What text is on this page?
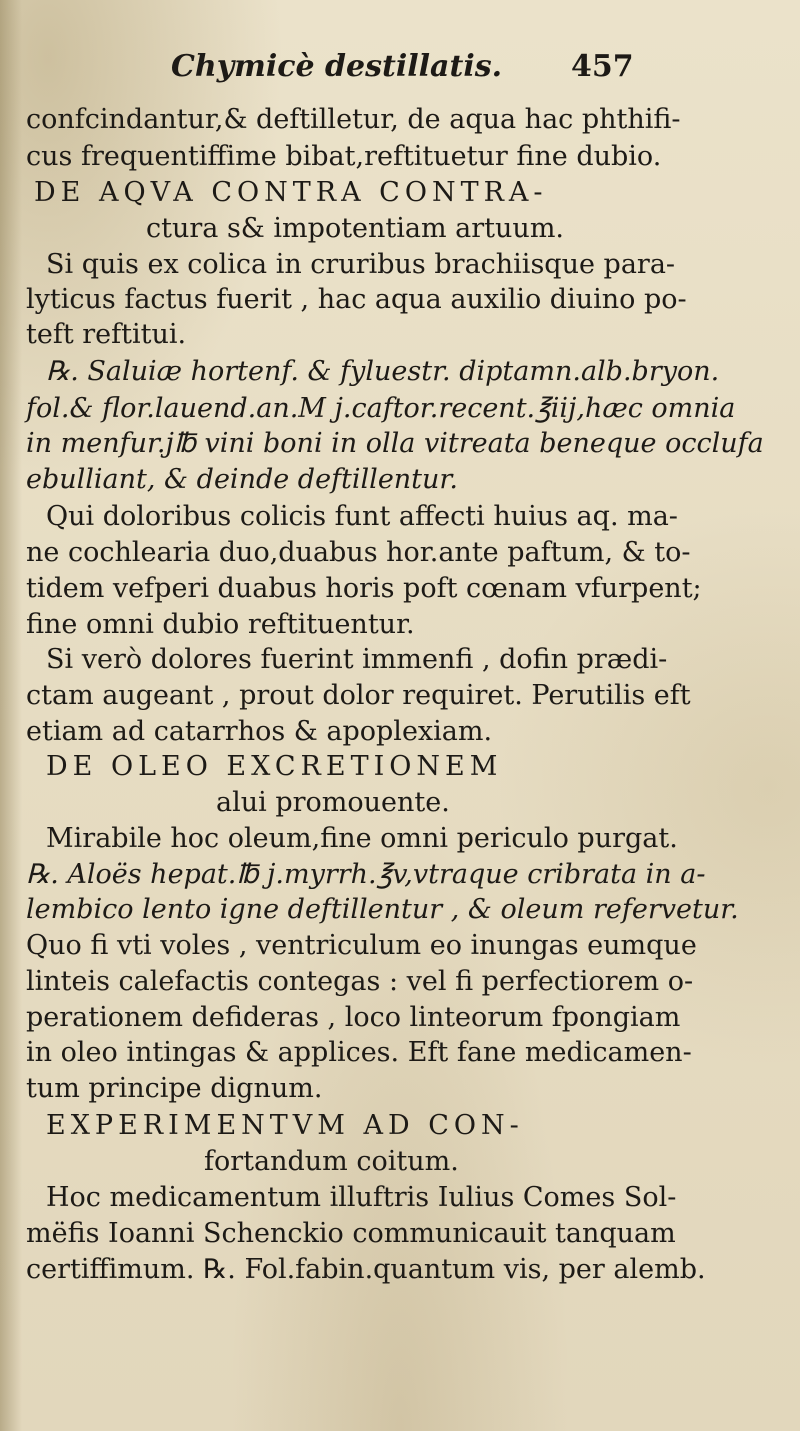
Chymicè destillatis. 457
confcindantur,& deftilletur, de aqua hac phthifi-
cus frequentiffime bibat,reftituetur fine dubio.
DE AQVA CONTRA CONTRA-
ctura s& impotentiam artuum.
Si quis ex colica in cruribus brachiisque para-
lyticus factus fuerit , hac aqua auxilio diuino po-
teft reftitui.
℞. Saluiæ hortenf. & fyluestr. diptamn.alb.bryon.
fol.& flor.lauend.an.M j.caftor.recent.℥iij,hæc omnia
in menfur.j℔ vini boni in olla vitreata beneque occlufa
ebulliant, & deinde deftillentur.
Qui doloribus colicis funt affecti huius aq. ma-
ne cochlearia duo,duabus hor.ante paftum, & to-
tidem vefperi duabus horis poft cœnam vfurpent;
fine omni dubio reftituentur.
Si verò dolores fuerint immenfi , dofin prædi-
ctam augeant , prout dolor requiret. Perutilis eft
etiam ad catarrhos & apoplexiam.
DE OLEO EXCRETIONEM
alui promouente.
Mirabile hoc oleum,fine omni periculo purgat.
℞. Aloës hepat.℔ j.myrrh.℥v,vtraque cribrata in a-
lembico lento igne deftillentur , & oleum refervetur.
Quo fi vti voles , ventriculum eo inungas eumque
linteis calefactis contegas : vel fi perfectiorem o-
perationem defideras , loco linteorum fpongiam
in oleo intingas & applices. Eft fane medicamen-
tum principe dignum.
EXPERIMENTVM AD CON-
fortandum coitum.
Hoc medicamentum illuftris Iulius Comes Sol-
mëfis Ioanni Schenckio communicauit tanquam
certiffimum. ℞. Fol.fabin.quantum vis, per alemb.
